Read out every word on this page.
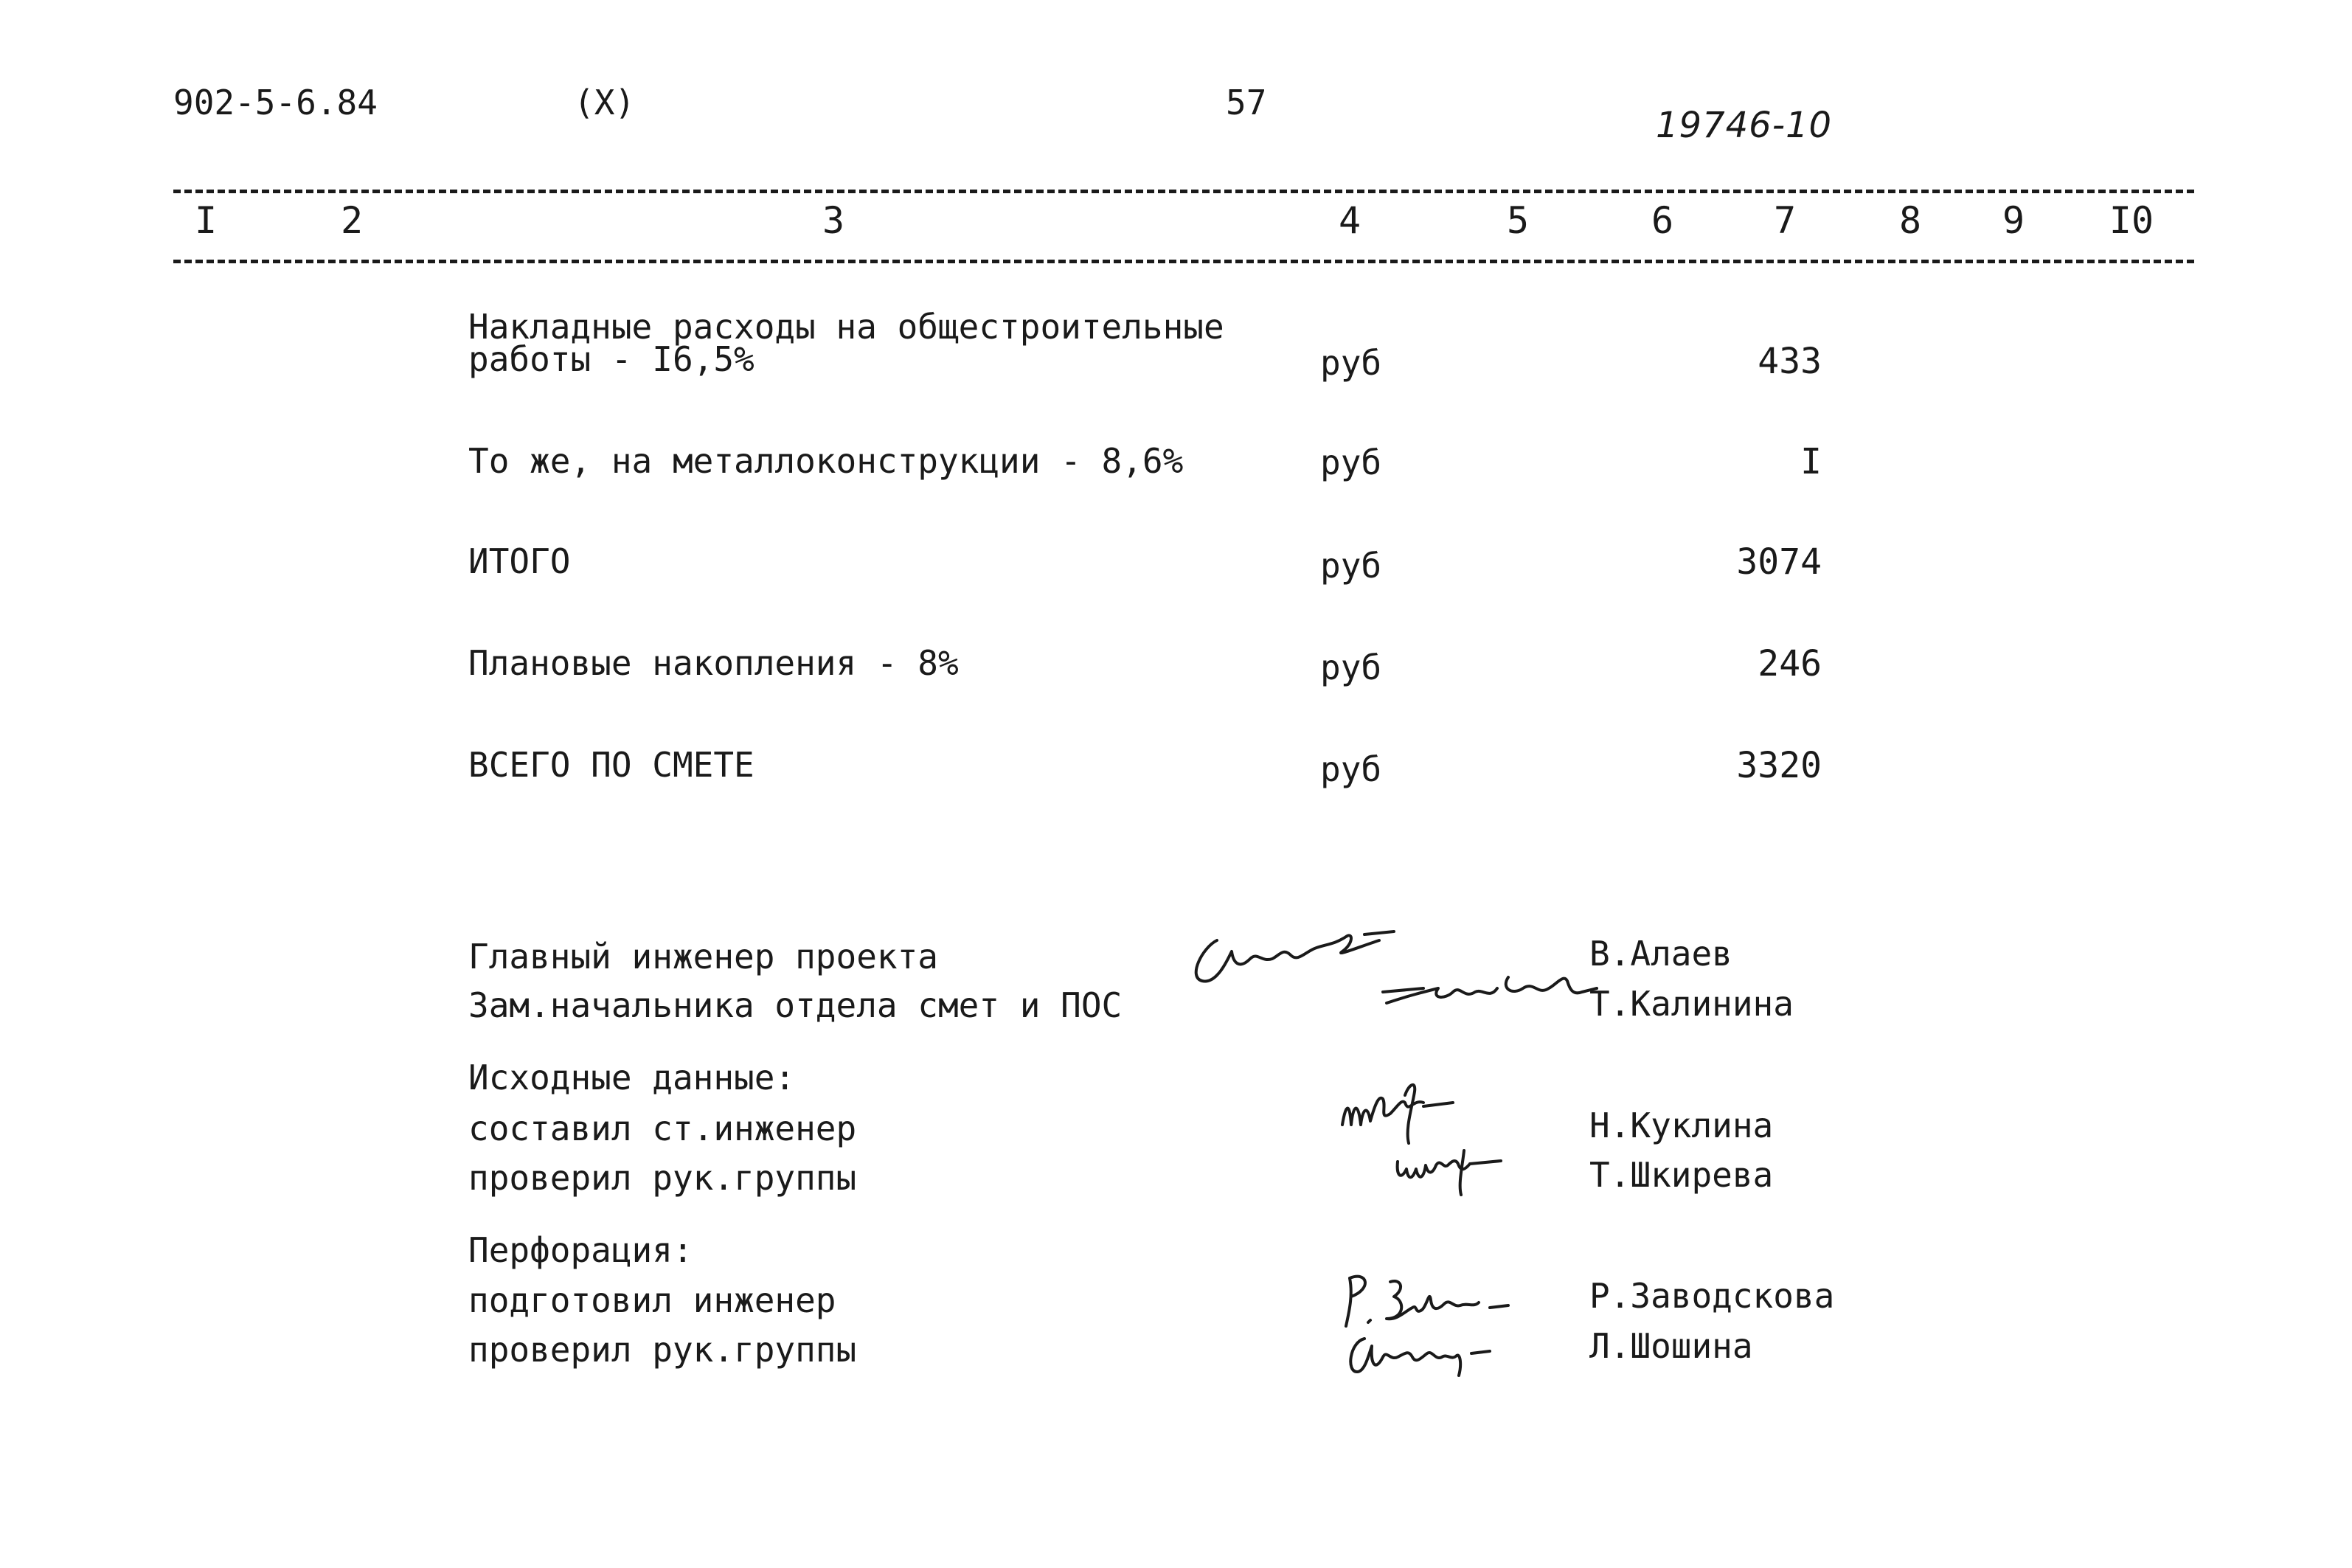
902-5-6.84	(X)	57
19746-10
I	2	3	4	5	6	7	8	9	I0
Накладные расходы на общестроительные
работы - I6,5%	руб	433
То же, на металлоконструкции - 8,6%	руб	I
ИТОГО	руб	3074
Плановые накопления - 8%	руб	246
ВСЕГО ПО СМЕТЕ	руб	3320
Главный инженер проекта	В.Алаев
Зам.начальника отдела смет и ПОС	Т.Калинина
Исходные данные:
составил ст.инженер	Н.Куклина
проверил рук.группы	Т.Шкирева
Перфорация:
подготовил инженер	Р.Заводскова
проверил рук.группы	Л.Шошина
